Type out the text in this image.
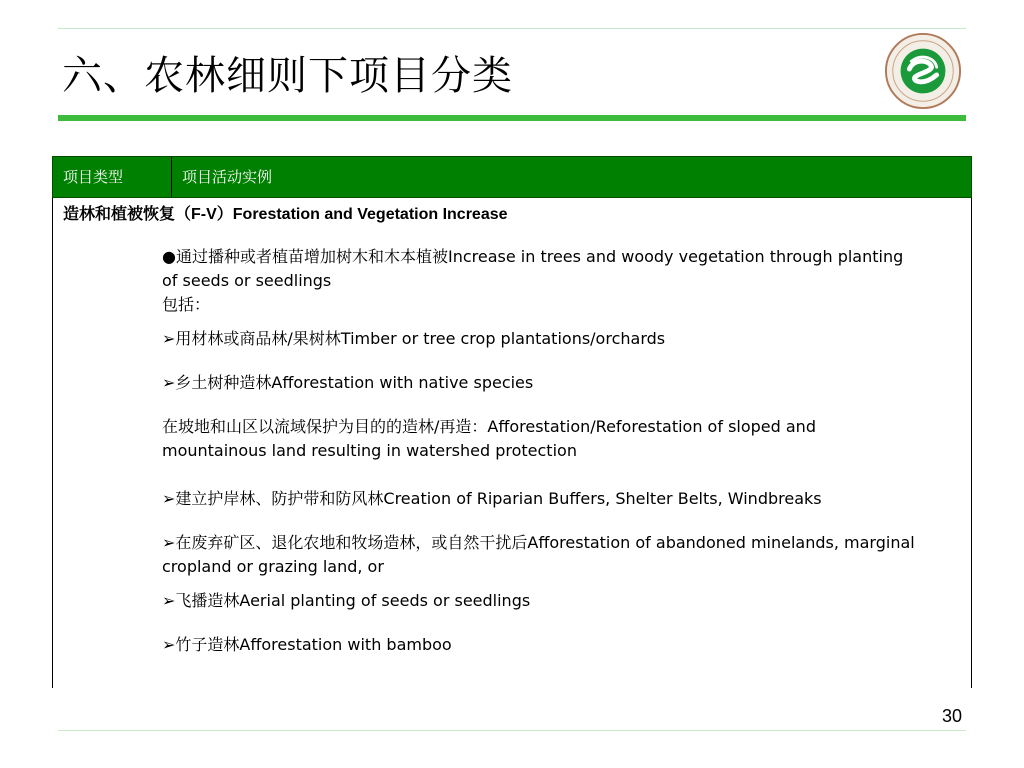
六、农林细则下项目分类
项目类型	项目活动实例
造林和植被恢复（F-V）Forestation and Vegetation Increase
●通过播种或者植苗增加树木和木本植被Increase in trees and woody vegetation through planting of seeds or seedlings
包括：
➢用材林或商品林/果树林Timber or tree crop plantations/orchards
➢乡土树种造林Afforestation with native species
在坡地和山区以流域保护为目的的造林/再造：Afforestation/Reforestation of sloped and mountainous land resulting in watershed protection
➢建立护岸林、防护带和防风林Creation of Riparian Buffers, Shelter Belts, Windbreaks
➢在废弃矿区、退化农地和牧场造林，或自然干扰后Afforestation of abandoned minelands, marginal cropland or grazing land, or
➢飞播造林Aerial planting of seeds or seedlings
➢竹子造林Afforestation with bamboo
30
